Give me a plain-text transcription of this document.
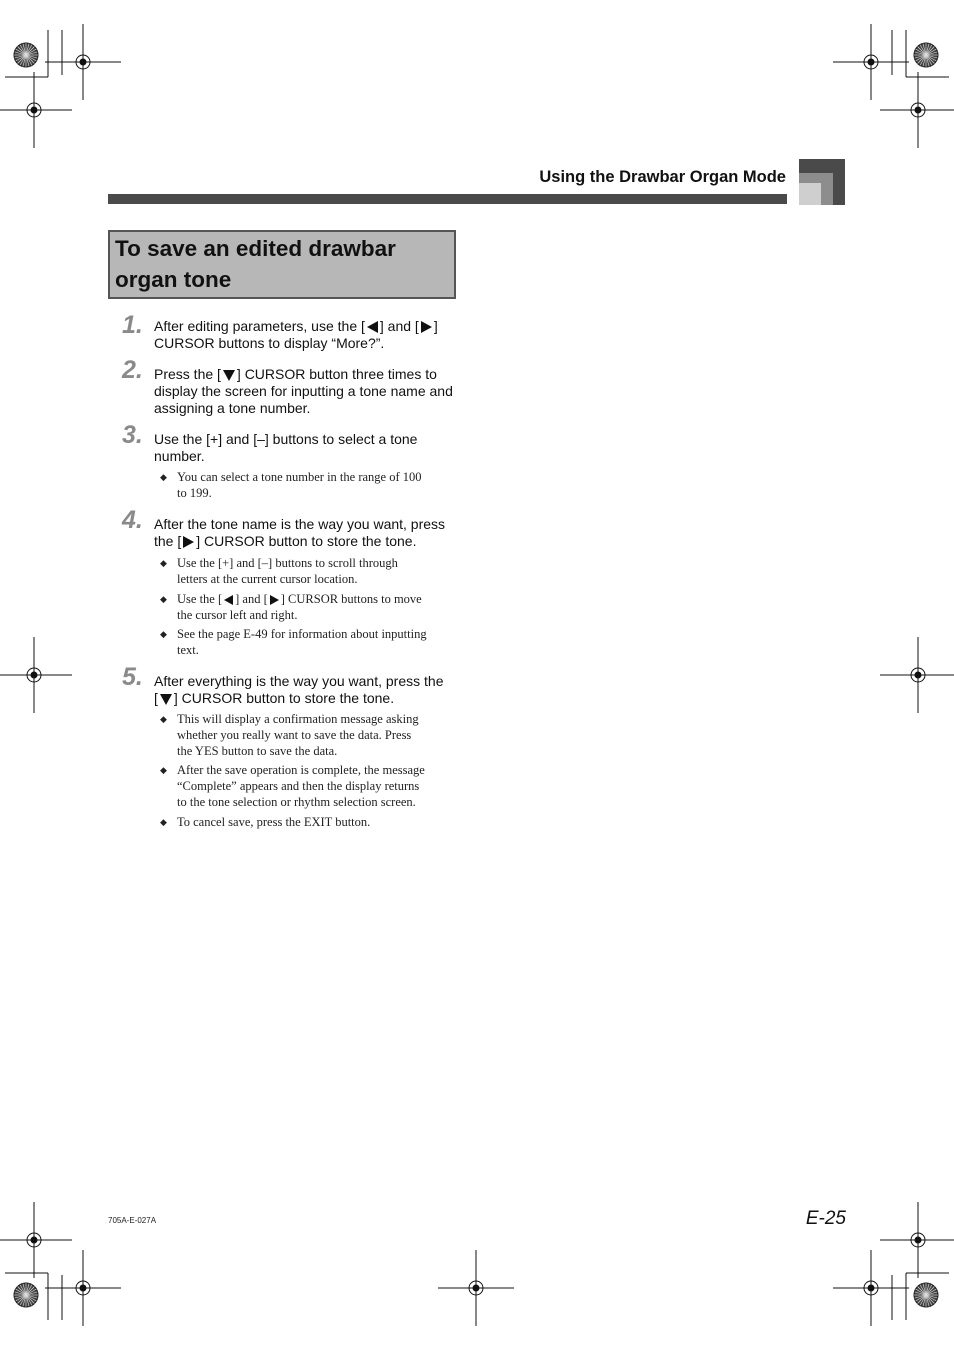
Using the Drawbar Organ Mode
To save an edited drawbar
organ tone
1. After editing parameters, use the [ ] and [ ]
CURSOR buttons to display “More?”.
2. Press the [ ] CURSOR button three times to
display the screen for inputting a tone name and
assigning a tone number.
3. Use the [+] and [–] buttons to select a tone
number.
◆ You can select a tone number in the range of 100
to 199.
4. After the tone name is the way you want, press
the [ ] CURSOR button to store the tone.
◆ Use the [+] and [–] buttons to scroll through
letters at the current cursor location.
◆ Use the [ ] and [ ] CURSOR buttons to move
the cursor left and right.
◆ See the page E-49 for information about inputting
text.
5. After everything is the way you want, press the
[ ] CURSOR button to store the tone.
◆ This will display a confirmation message asking
whether you really want to save the data. Press
the YES button to save the data.
◆ After the save operation is complete, the message
“Complete” appears and then the display returns
to the tone selection or rhythm selection screen.
◆ To cancel save, press the EXIT button.
705A-E-027A	E-25
